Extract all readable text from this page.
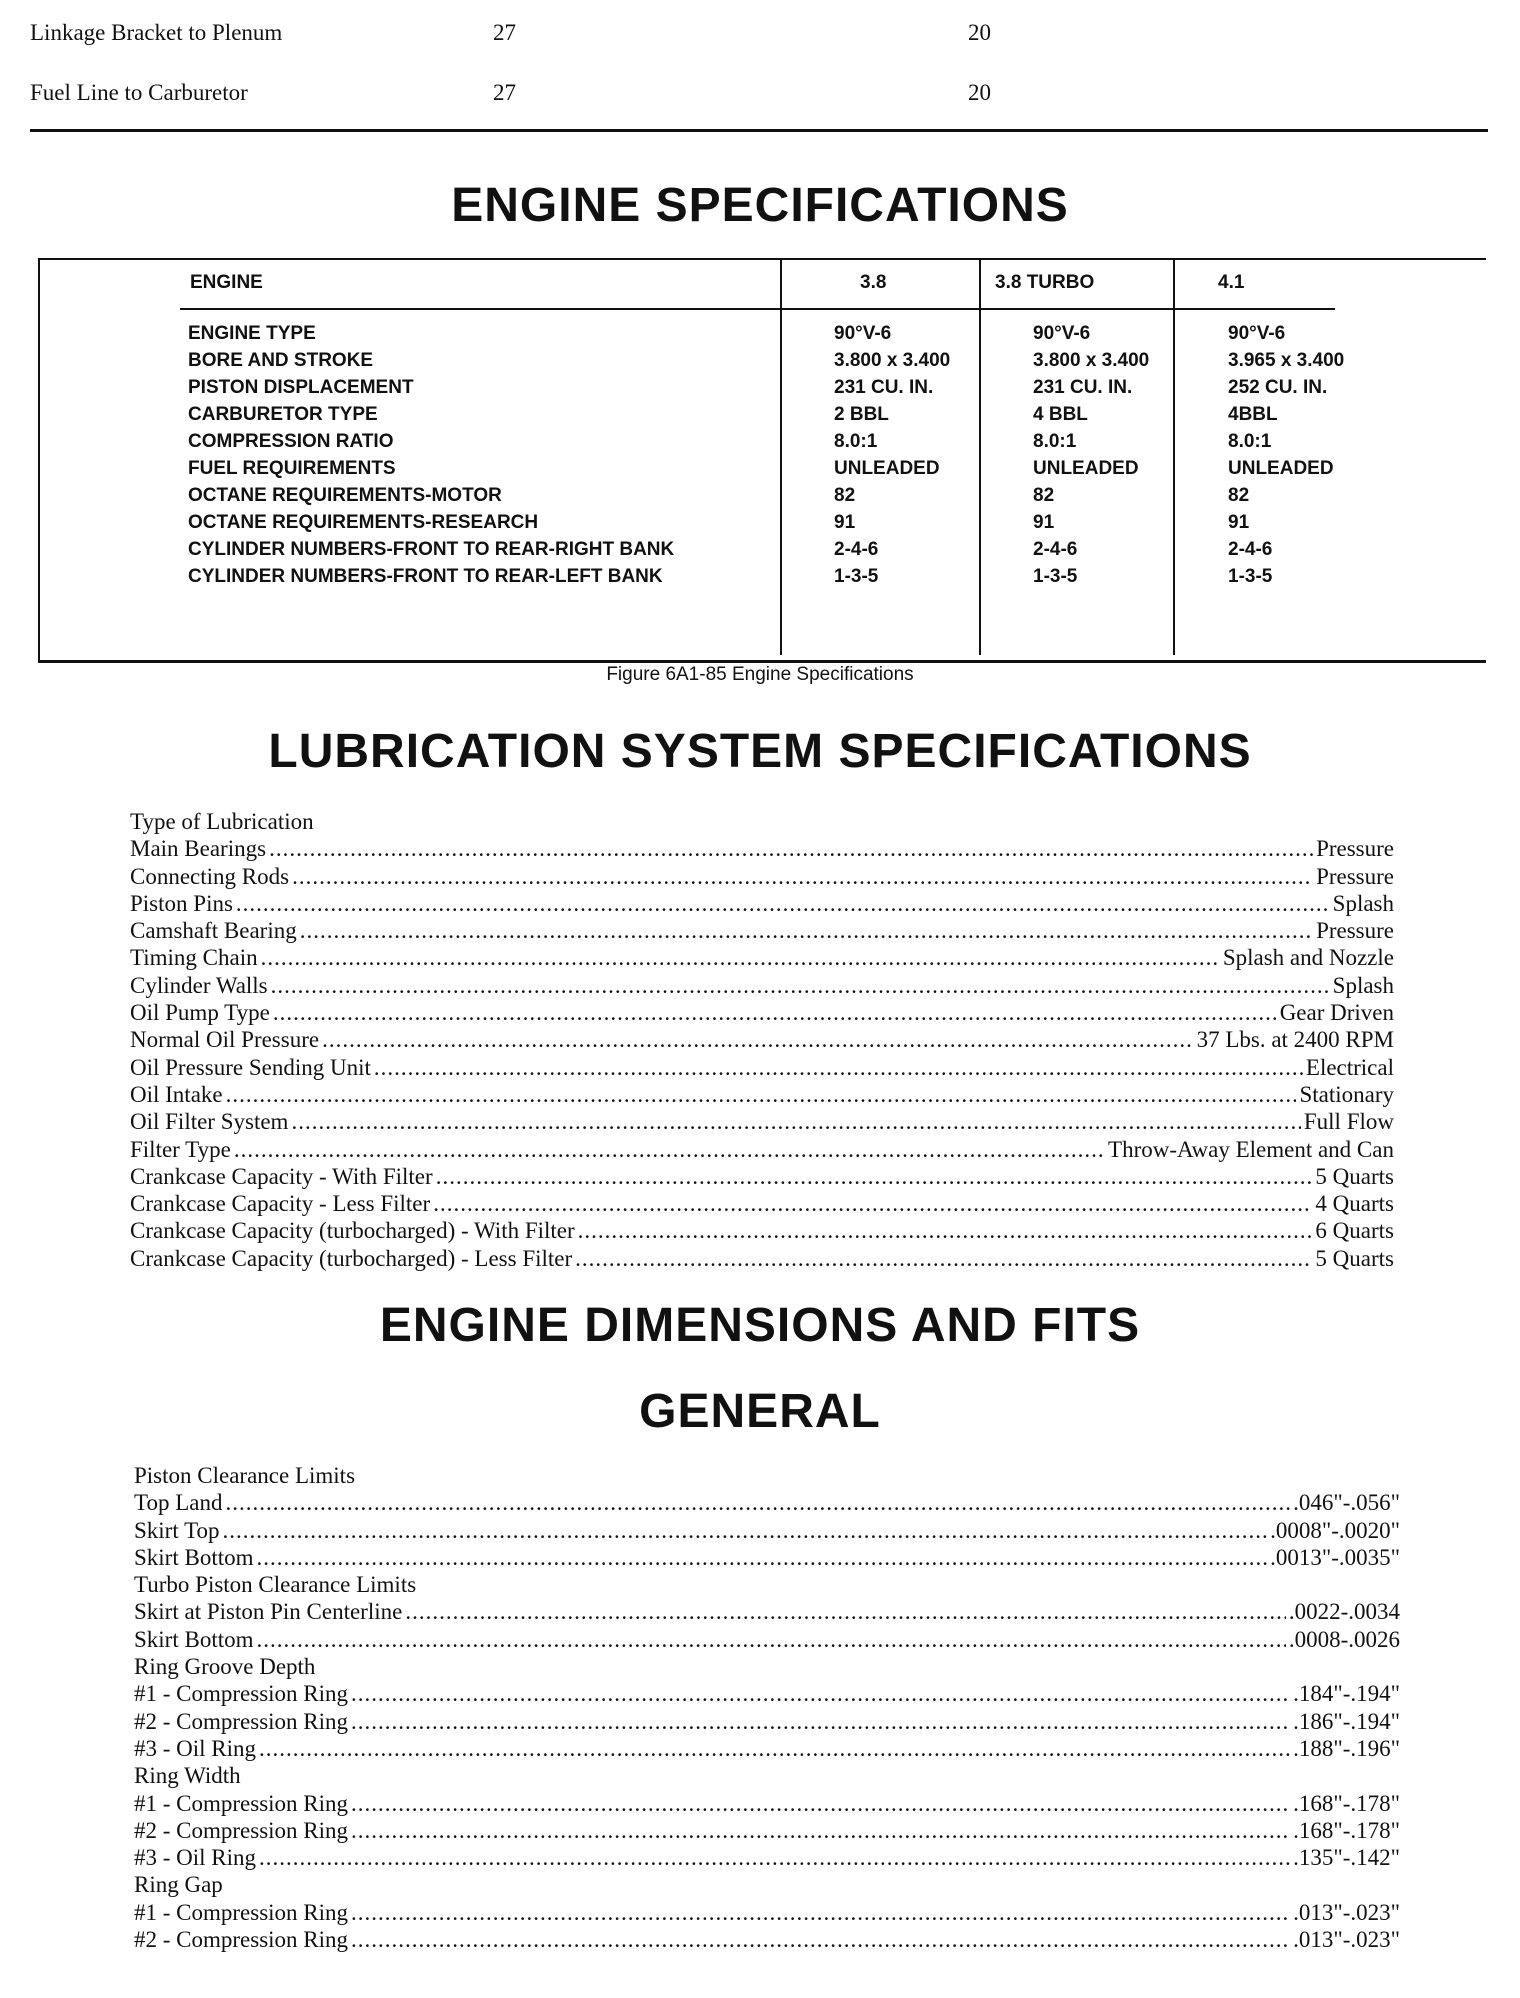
Linkage Bracket to Plenum	27	20
Fuel Line to Carburetor	27	20
ENGINE SPECIFICATIONS
ENGINE	3.8	3.8 TURBO	4.1
ENGINE TYPE	90°V-6	90°V-6	90°V-6
BORE AND STROKE	3.800 x 3.400	3.800 x 3.400	3.965 x 3.400
PISTON DISPLACEMENT	231 CU. IN.	231 CU. IN.	252 CU. IN.
CARBURETOR TYPE	2 BBL	4 BBL	4BBL
COMPRESSION RATIO	8.0:1	8.0:1	8.0:1
FUEL REQUIREMENTS	UNLEADED	UNLEADED	UNLEADED
OCTANE REQUIREMENTS-MOTOR	82	82	82
OCTANE REQUIREMENTS-RESEARCH	91	91	91
CYLINDER NUMBERS-FRONT TO REAR-RIGHT BANK	2-4-6	2-4-6	2-4-6
CYLINDER NUMBERS-FRONT TO REAR-LEFT BANK	1-3-5	1-3-5	1-3-5
Figure 6A1-85 Engine Specifications
LUBRICATION SYSTEM SPECIFICATIONS
Type of Lubrication
Main Bearings .....	Pressure
Connecting Rods .....	Pressure
Piston Pins .....	Splash
Camshaft Bearing .....	Pressure
Timing Chain .....	Splash and Nozzle
Cylinder Walls .....	Splash
Oil Pump Type .....	Gear Driven
Normal Oil Pressure .....	37 Lbs. at 2400 RPM
Oil Pressure Sending Unit .....	Electrical
Oil Intake .....	Stationary
Oil Filter System .....	Full Flow
Filter Type .....	Throw-Away Element and Can
Crankcase Capacity - With Filter .....	5 Quarts
Crankcase Capacity - Less Filter .....	4 Quarts
Crankcase Capacity (turbocharged) - With Filter .....	6 Quarts
Crankcase Capacity (turbocharged) - Less Filter .....	5 Quarts
ENGINE DIMENSIONS AND FITS
GENERAL
Piston Clearance Limits
Top Land .....	.046"-.056"
Skirt Top .....	.0008"-.0020"
Skirt Bottom .....	.0013"-.0035"
Turbo Piston Clearance Limits
Skirt at Piston Pin Centerline .....	.0022-.0034
Skirt Bottom .....	.0008-.0026
Ring Groove Depth
#1 - Compression Ring .....	.184"-.194"
#2 - Compression Ring .....	.186"-.194"
#3 - Oil Ring .....	.188"-.196"
Ring Width
#1 - Compression Ring .....	.168"-.178"
#2 - Compression Ring .....	.168"-.178"
#3 - Oil Ring .....	.135"-.142"
Ring Gap
#1 - Compression Ring .....	.013"-.023"
#2 - Compression Ring .....	.013"-.023"
